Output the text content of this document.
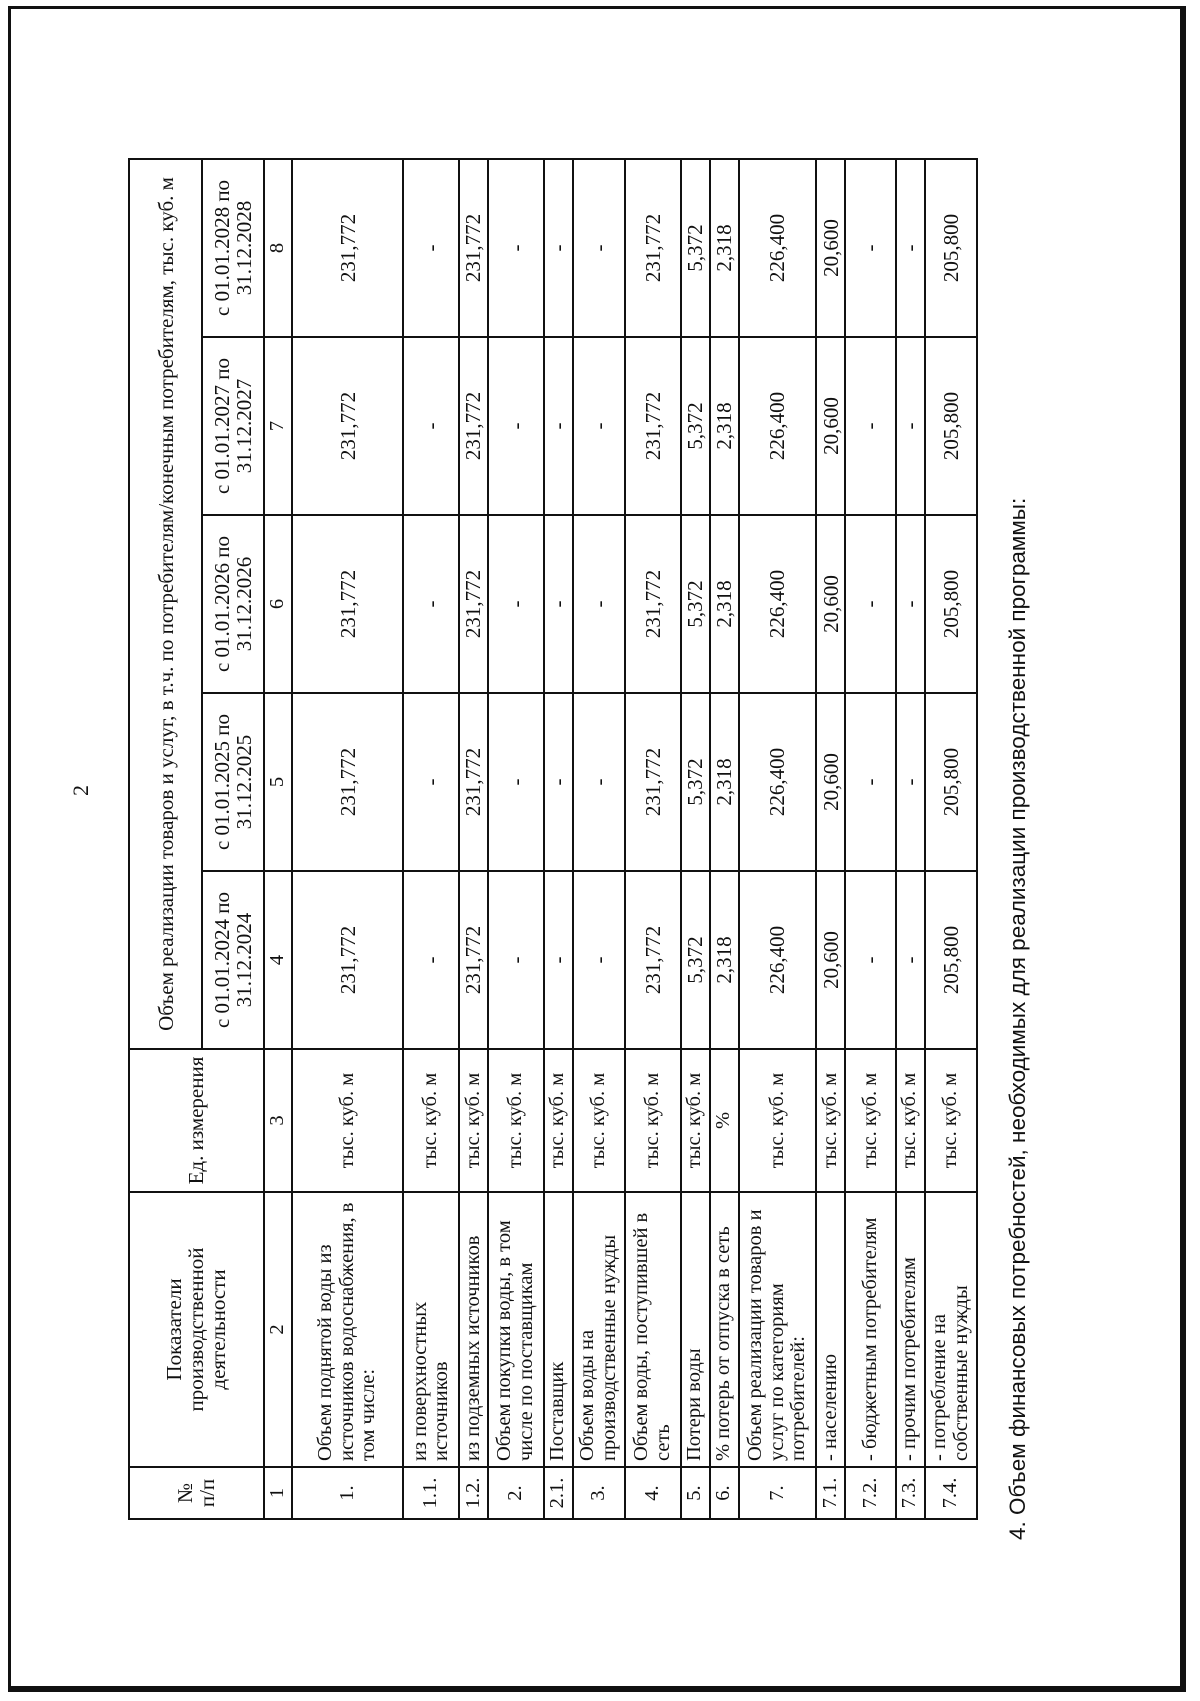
2
№ п/п	Показатели производственной деятельности	Ед. измерения	Объем реализации товаров и услуг, в т.ч. по потребителям/конечным потребителям, тыс. куб. м				
			с 01.01.2024 по 31.12.2024	с 01.01.2025 по 31.12.2025	с 01.01.2026 по 31.12.2026	с 01.01.2027 по 31.12.2027	с 01.01.2028 по 31.12.2028
1	2	3	4	5	6	7	8
1.	Объем поднятой воды из источников водоснабжения, в том числе:	тыс. куб. м	231,772	231,772	231,772	231,772	231,772
1.1.	из поверхностных источников	тыс. куб. м	-	-	-	-	-
1.2.	из подземных источников	тыс. куб. м	231,772	231,772	231,772	231,772	231,772
2.	Объем покупки воды, в том числе по поставщикам	тыс. куб. м	-	-	-	-	-
2.1.	Поставщик	тыс. куб. м	-	-	-	-	-
3.	Объем воды на производственные нужды	тыс. куб. м	-	-	-	-	-
4.	Объем воды, поступившей в сеть	тыс. куб. м	231,772	231,772	231,772	231,772	231,772
5.	Потери воды	тыс. куб. м	5,372	5,372	5,372	5,372	5,372
6.	% потерь от отпуска в сеть	%	2,318	2,318	2,318	2,318	2,318
7.	Объем реализации товаров и услуг по категориям потребителей:	тыс. куб. м	226,400	226,400	226,400	226,400	226,400
7.1.	- населению	тыс. куб. м	20,600	20,600	20,600	20,600	20,600
7.2.	- бюджетным потребителям	тыс. куб. м	-	-	-	-	-
7.3.	- прочим потребителям	тыс. куб. м	-	-	-	-	-
7.4.	- потребление на собственные нужды	тыс. куб. м	205,800	205,800	205,800	205,800	205,800
4. Объем финансовых потребностей, необходимых для реализации производственной программы:
